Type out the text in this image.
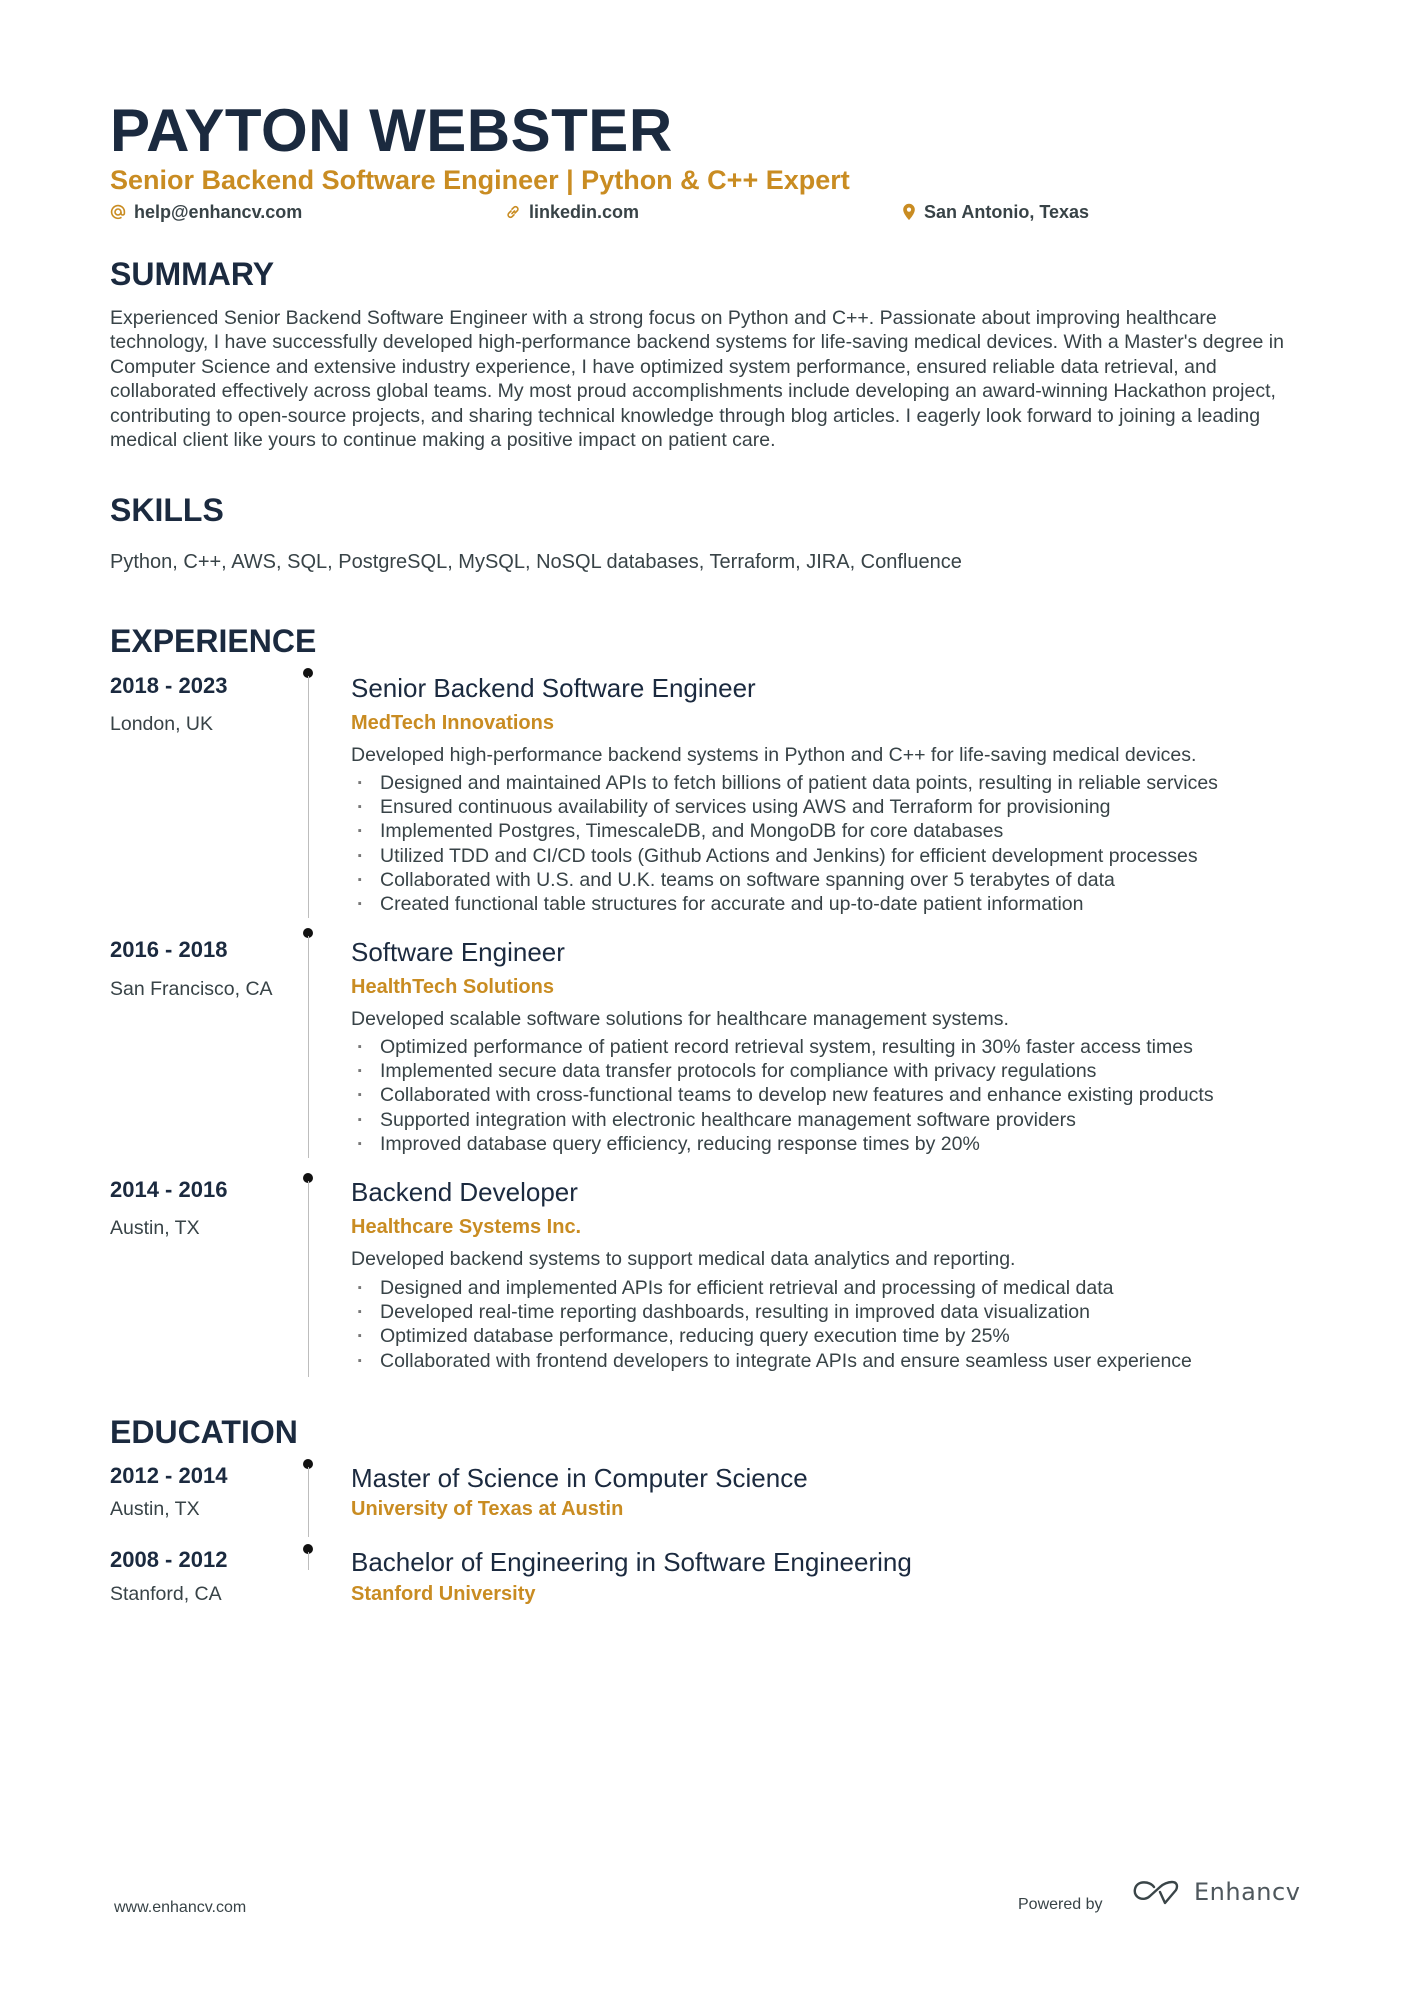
PAYTON WEBSTER
Senior Backend Software Engineer | Python & C++ Expert
help@enhancv.com	linkedin.com	San Antonio, Texas
SUMMARY
Experienced Senior Backend Software Engineer with a strong focus on Python and C++. Passionate about improving healthcare technology, I have successfully developed high-performance backend systems for life-saving medical devices. With a Master's degree in Computer Science and extensive industry experience, I have optimized system performance, ensured reliable data retrieval, and collaborated effectively across global teams. My most proud accomplishments include developing an award-winning Hackathon project, contributing to open-source projects, and sharing technical knowledge through blog articles. I eagerly look forward to joining a leading medical client like yours to continue making a positive impact on patient care.
SKILLS
Python, C++, AWS, SQL, PostgreSQL, MySQL, NoSQL databases, Terraform, JIRA, Confluence
EXPERIENCE
2018 - 2023
London, UK
Senior Backend Software Engineer
MedTech Innovations
Developed high-performance backend systems in Python and C++ for life-saving medical devices.
· Designed and maintained APIs to fetch billions of patient data points, resulting in reliable services
· Ensured continuous availability of services using AWS and Terraform for provisioning
· Implemented Postgres, TimescaleDB, and MongoDB for core databases
· Utilized TDD and CI/CD tools (Github Actions and Jenkins) for efficient development processes
· Collaborated with U.S. and U.K. teams on software spanning over 5 terabytes of data
· Created functional table structures for accurate and up-to-date patient information
2016 - 2018
San Francisco, CA
Software Engineer
HealthTech Solutions
Developed scalable software solutions for healthcare management systems.
· Optimized performance of patient record retrieval system, resulting in 30% faster access times
· Implemented secure data transfer protocols for compliance with privacy regulations
· Collaborated with cross-functional teams to develop new features and enhance existing products
· Supported integration with electronic healthcare management software providers
· Improved database query efficiency, reducing response times by 20%
2014 - 2016
Austin, TX
Backend Developer
Healthcare Systems Inc.
Developed backend systems to support medical data analytics and reporting.
· Designed and implemented APIs for efficient retrieval and processing of medical data
· Developed real-time reporting dashboards, resulting in improved data visualization
· Optimized database performance, reducing query execution time by 25%
· Collaborated with frontend developers to integrate APIs and ensure seamless user experience
EDUCATION
2012 - 2014
Austin, TX
Master of Science in Computer Science
University of Texas at Austin
2008 - 2012
Stanford, CA
Bachelor of Engineering in Software Engineering
Stanford University
www.enhancv.com	Powered by	Enhancv
